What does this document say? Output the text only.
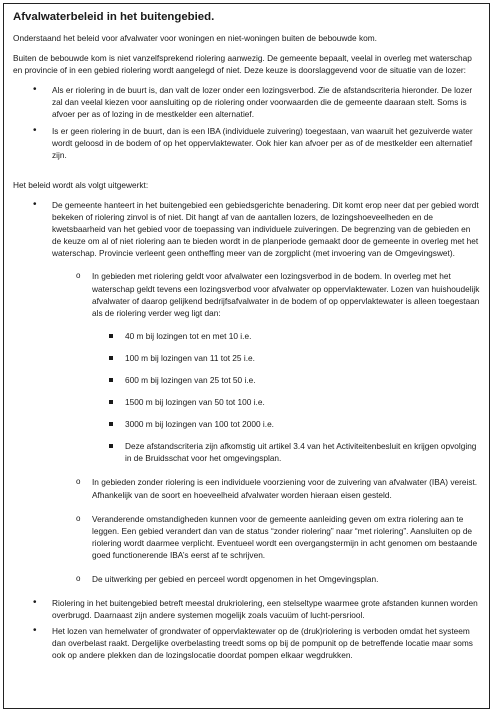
Afvalwaterbeleid in het buitengebied.
Onderstaand het beleid voor afvalwater voor woningen en niet-woningen buiten de bebouwde kom.
Buiten de bebouwde kom is niet vanzelfsprekend riolering aanwezig. De gemeente bepaalt, veelal in overleg met waterschap en provincie of in een gebied riolering wordt aangelegd of niet. Deze keuze is doorslaggevend voor de situatie van de lozer:
• Als er riolering in de buurt is, dan valt de lozer onder een lozingsverbod. Zie de afstandscriteria hieronder. De lozer zal dan veelal kiezen voor aansluiting op de riolering onder voorwaarden die de gemeente daaraan stelt. Soms is afvoer per as of lozing in de mestkelder een alternatief.
• Is er geen riolering in de buurt, dan is een IBA (individuele zuivering) toegestaan, van waaruit het gezuiverde water wordt geloosd in de bodem of op het oppervlaktewater. Ook hier kan afvoer per as of de mestkelder een alternatief zijn.
Het beleid wordt als volgt uitgewerkt:
• De gemeente hanteert in het buitengebied een gebiedsgerichte benadering. Dit komt erop neer dat per gebied wordt bekeken of riolering zinvol is of niet. Dit hangt af van de aantallen lozers, de lozingshoeveelheden en de kwetsbaarheid van het gebied voor de toepassing van individuele zuiveringen. De begrenzing van de gebieden en de keuze om al of niet riolering aan te bieden wordt in de planperiode gemaakt door de gemeente in overleg met het waterschap. Provincie verleent geen ontheffing meer van de zorgplicht (met invoering van de Omgevingswet).
o In gebieden met riolering geldt voor afvalwater een lozingsverbod in de bodem. In overleg met het waterschap geldt tevens een lozingsverbod voor afvalwater op oppervlaktewater. Lozen van huishoudelijk afvalwater of daarop gelijkend bedrijfsafvalwater in de bodem of op oppervlaktewater is alleen toegestaan als de riolering verder weg ligt dan:
40 m bij lozingen tot en met 10 i.e.
100 m bij lozingen van 11 tot 25 i.e.
600 m bij lozingen van 25 tot 50 i.e.
1500 m bij lozingen van 50 tot 100 i.e.
3000 m bij lozingen van 100 tot 2000 i.e.
Deze afstandscriteria zijn afkomstig uit artikel 3.4 van het Activiteitenbesluit en krijgen opvolging in de Bruidsschat voor het omgevingsplan.
o In gebieden zonder riolering is een individuele voorziening voor de zuivering van afvalwater (IBA) vereist. Afhankelijk van de soort en hoeveelheid afvalwater worden hieraan eisen gesteld.
o Veranderende omstandigheden kunnen voor de gemeente aanleiding geven om extra riolering aan te leggen. Een gebied verandert dan van de status “zonder riolering” naar “met riolering”. Aansluiten op de riolering wordt daarmee verplicht. Eventueel wordt een overgangstermijn in acht genomen om bestaande goed functionerende IBA’s eerst af te schrijven.
o De uitwerking per gebied en perceel wordt opgenomen in het Omgevingsplan.
• Riolering in het buitengebied betreft meestal drukriolering, een stelseltype waarmee grote afstanden kunnen worden overbrugd. Daarnaast zijn andere systemen mogelijk zoals vacuüm of lucht-persriool.
• Het lozen van hemelwater of grondwater of oppervlaktewater op de (druk)riolering is verboden omdat het systeem dan overbelast raakt. Dergelijke overbelasting treedt soms op bij de pompunit op de betreffende locatie maar soms ook op andere plekken dan de lozingslocatie doordat pompen elkaar wegdrukken.
